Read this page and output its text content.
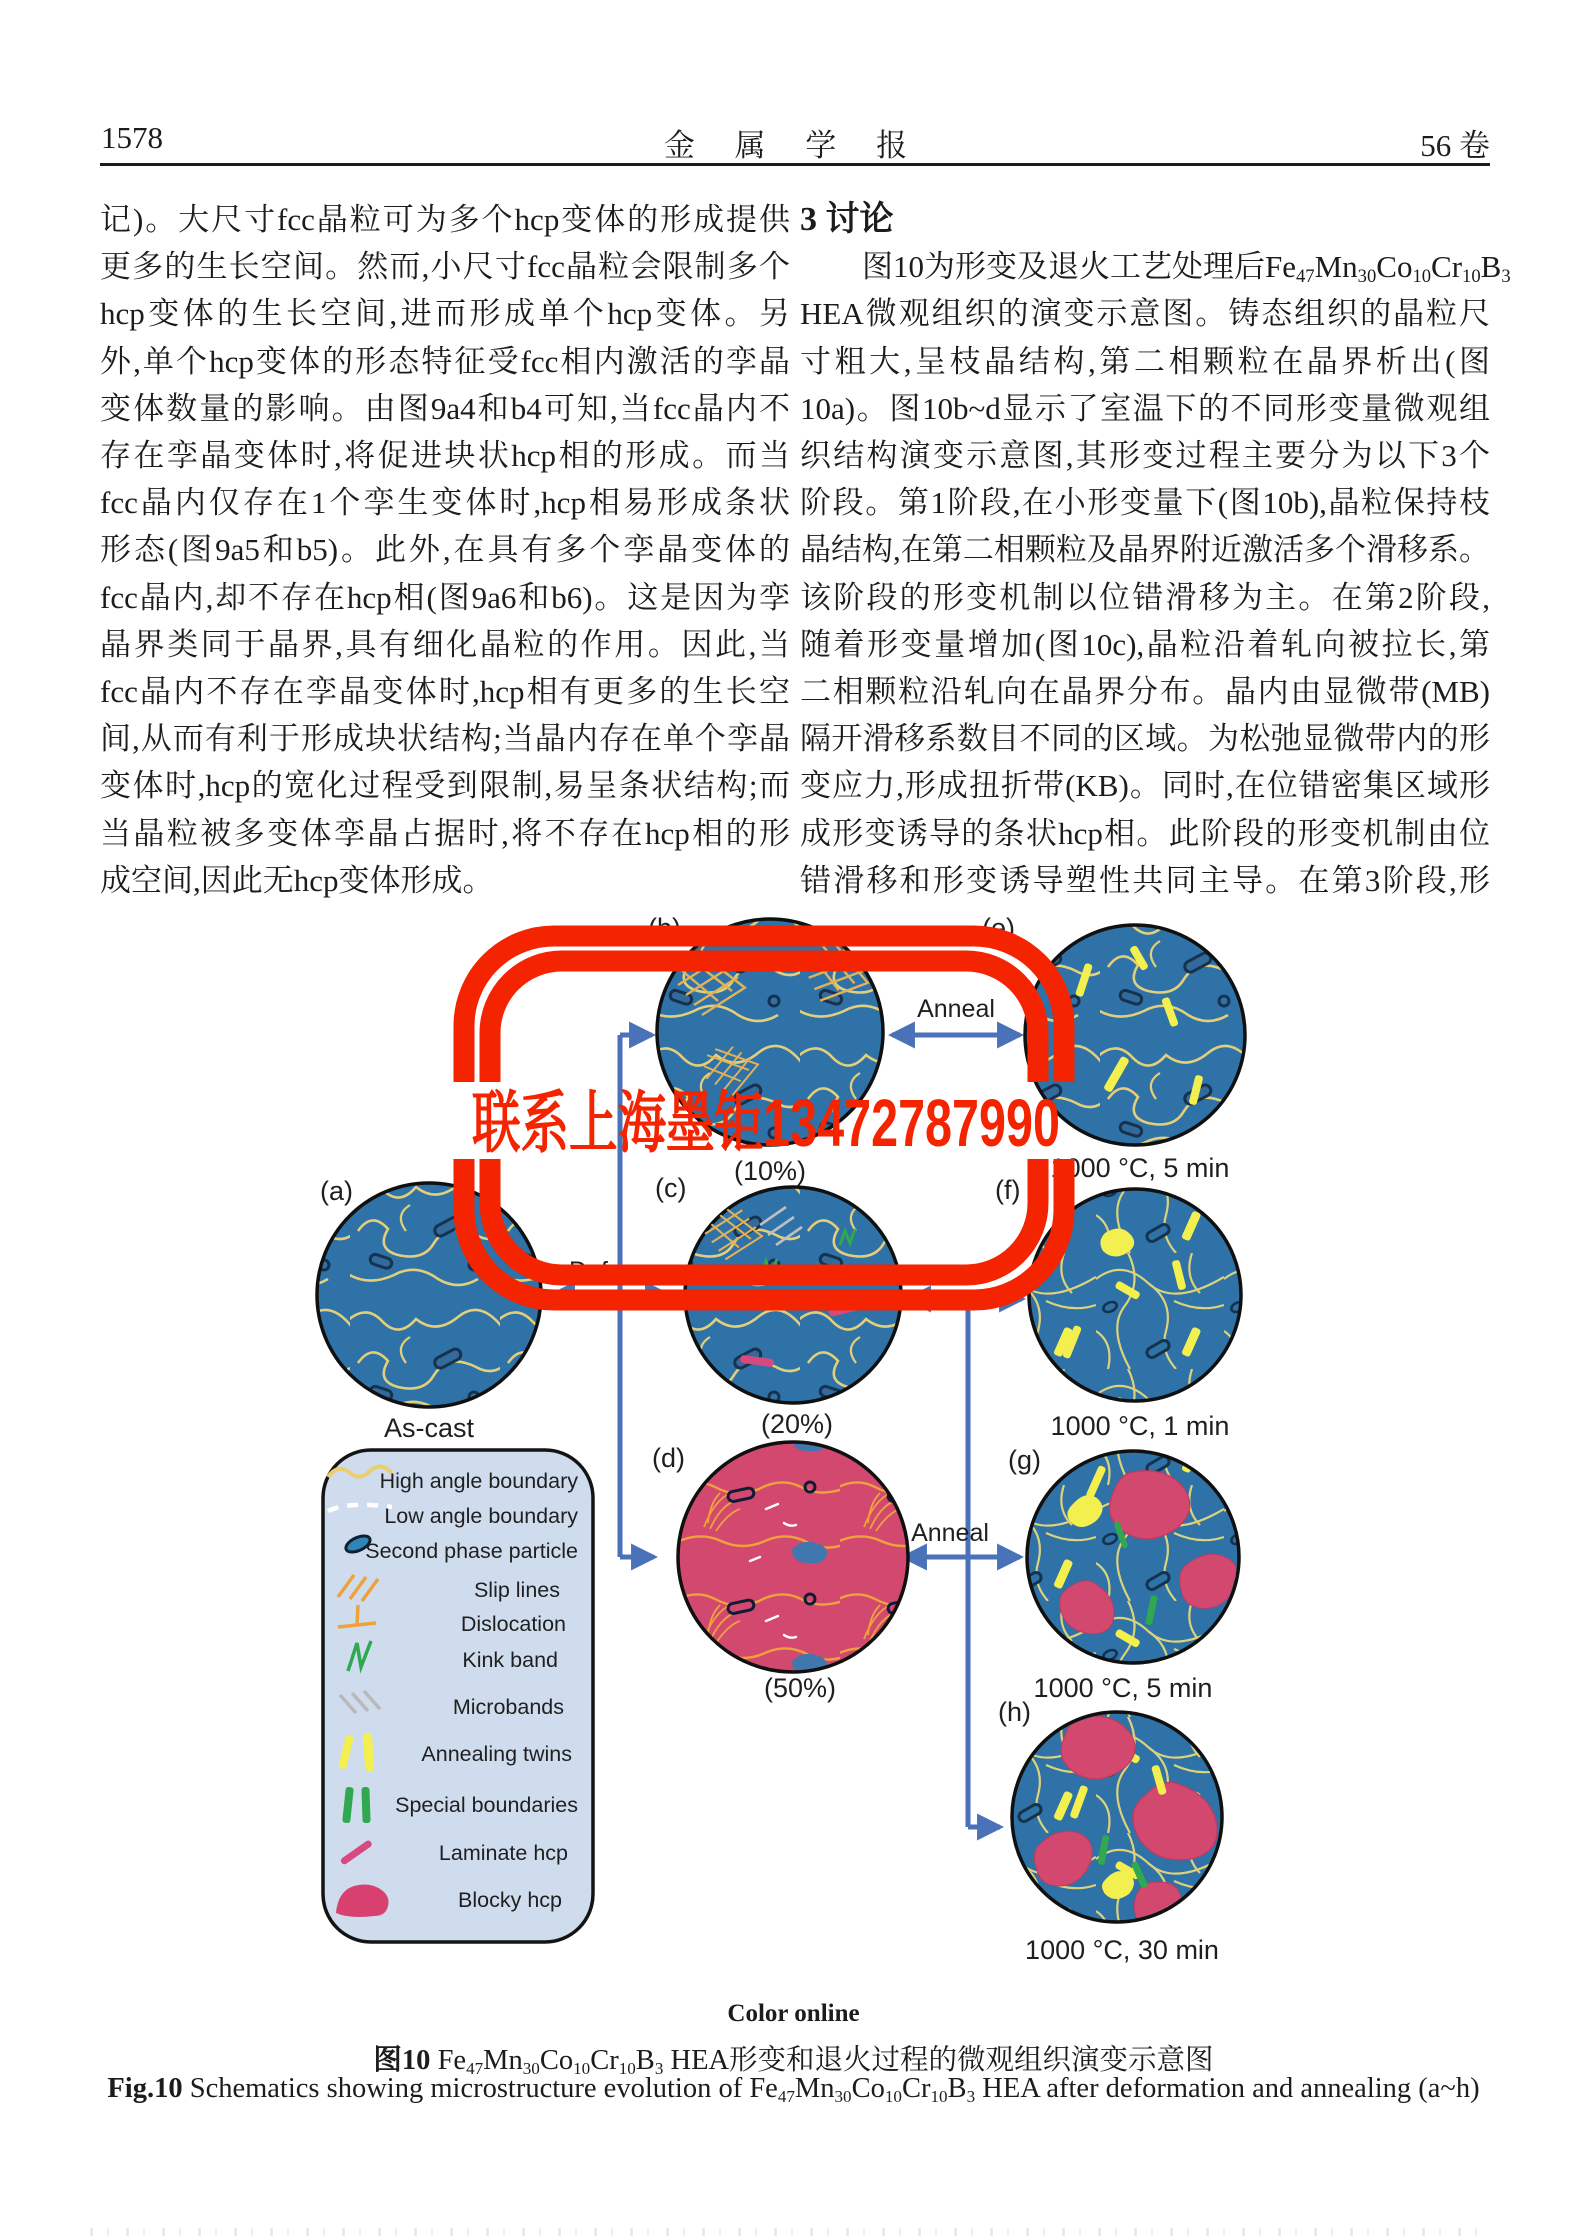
1578	金 属 学 报	56 卷
记)。大尺寸fcc晶粒可为多个hcp变体的形成提供
更多的生长空间。然而,小尺寸fcc晶粒会限制多个
hcp变体的生长空间,进而形成单个hcp变体。另
外,单个hcp变体的形态特征受fcc相内激活的孪晶
变体数量的影响。由图9a4和b4可知,当fcc晶内不
存在孪晶变体时,将促进块状hcp相的形成。而当
fcc晶内仅存在1个孪生变体时,hcp相易形成条状
形态(图9a5和b5)。此外,在具有多个孪晶变体的
fcc晶内,却不存在hcp相(图9a6和b6)。这是因为孪
晶界类同于晶界,具有细化晶粒的作用。因此,当
fcc晶内不存在孪晶变体时,hcp相有更多的生长空
间,从而有利于形成块状结构;当晶内存在单个孪晶
变体时,hcp的宽化过程受到限制,易呈条状结构;而
当晶粒被多变体孪晶占据时,将不存在hcp相的形
成空间,因此无hcp变体形成。
3 讨论
图10为形变及退火工艺处理后$Fe_{47}Mn_{30}Co_{10}Cr_{10}B_3$
HEA微观组织的演变示意图。铸态组织的晶粒尺
寸粗大,呈枝晶结构,第二相颗粒在晶界析出(图
10a)。图10b~d显示了室温下的不同形变量微观组
织结构演变示意图,其形变过程主要分为以下3个
阶段。第1阶段,在小形变量下(图10b),晶粒保持枝
晶结构,在第二相颗粒及晶界附近激活多个滑移系。
该阶段的形变机制以位错滑移为主。在第2阶段,
随着形变量增加(图10c),晶粒沿着轧向被拉长,第
二相颗粒沿轧向在晶界分布。晶内由显微带(MB)
隔开滑移系数目不同的区域。为松弛显微带内的形
变应力,形成扭折带(KB)。同时,在位错密集区域形
成形变诱导的条状hcp相。此阶段的形变机制由位
错滑移和形变诱导塑性共同主导。在第3阶段,形
Deform
Anneal
Anneal
(a)
As-cast
(b)
(10%)
(c)
(20%)
(d)
(50%)
(e)
1000 °C, 5 min
(f)
1000 °C, 1 min
(g)
1000 °C, 5 min
(h)
1000 °C, 30 min
High angle boundary
Low angle boundary
Second phase particle
Slip lines
Dislocation
Kink band
Microbands
Annealing twins
Special boundaries
Laminate hcp
Blocky hcp
Color online
图10 $Fe_{47}Mn_{30}Co_{10}Cr_{10}B_3$ HEA形变和退火过程的微观组织演变示意图
Fig.10 Schematics showing microstructure evolution of $Fe_{47}Mn_{30}Co_{10}Cr_{10}B_3$ HEA after deformation and annealing (a~h)
联系上海墨钜13472787990
